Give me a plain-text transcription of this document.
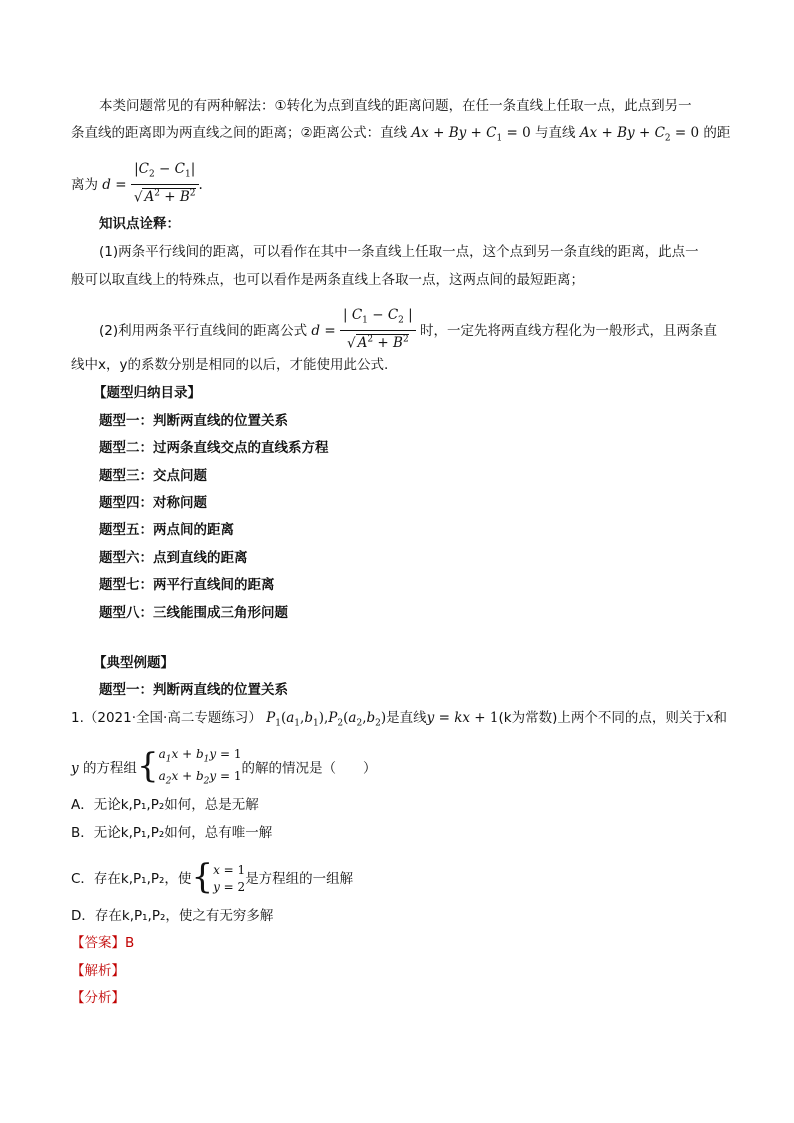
本类问题常见的有两种解法：①转化为点到直线的距离问题，在任一条直线上任取一点，此点到另一
条直线的距离即为两直线之间的距离；②距离公式：直线 $Ax + By + C_1 = 0$ 与直线 $Ax + By + C_2 = 0$ 的距
离为 $d = \frac{|C_2 - C_1|}{√ A^2 + B^2}$ .
知识点诠释：
(1)两条平行线间的距离，可以看作在其中一条直线上任取一点，这个点到另一条直线的距离，此点一
般可以取直线上的特殊点，也可以看作是两条直线上各取一点，这两点间的最短距离；
(2)利用两条平行直线间的距离公式 $d = \frac{| C_1 - C_2 |}{√ A^2 + B^2}$ 时，一定先将两直线方程化为一般形式，且两条直
线中x，y的系数分别是相同的以后，才能使用此公式.
【题型归纳目录】
题型一：判断两直线的位置关系
题型二：过两条直线交点的直线系方程
题型三：交点问题
题型四：对称问题
题型五：两点间的距离
题型六：点到直线的距离
题型七：两平行直线间的距离
题型八：三线能围成三角形问题
【典型例题】
题型一：判断两直线的位置关系
1.（2021·全国·高二专题练习） $P_1(a_1,b_1),P_2(a_2,b_2)$是直线y = kx + 1(k为常数)上两个不同的点，则关于x和
y 的方程组{ $a_1x + b_1y = 1$
$a_2x + b_2y = 1$ 的解的情况是（　　）
A．无论k,P₁,P₂如何，总是无解
B．无论k,P₁,P₂如何，总有唯一解
C．存在k,P₁,P₂，使{ x = 1
y = 2 是方程组的一组解
D．存在k,P₁,P₂，使之有无穷多解
【答案】B
【解析】
【分析】
